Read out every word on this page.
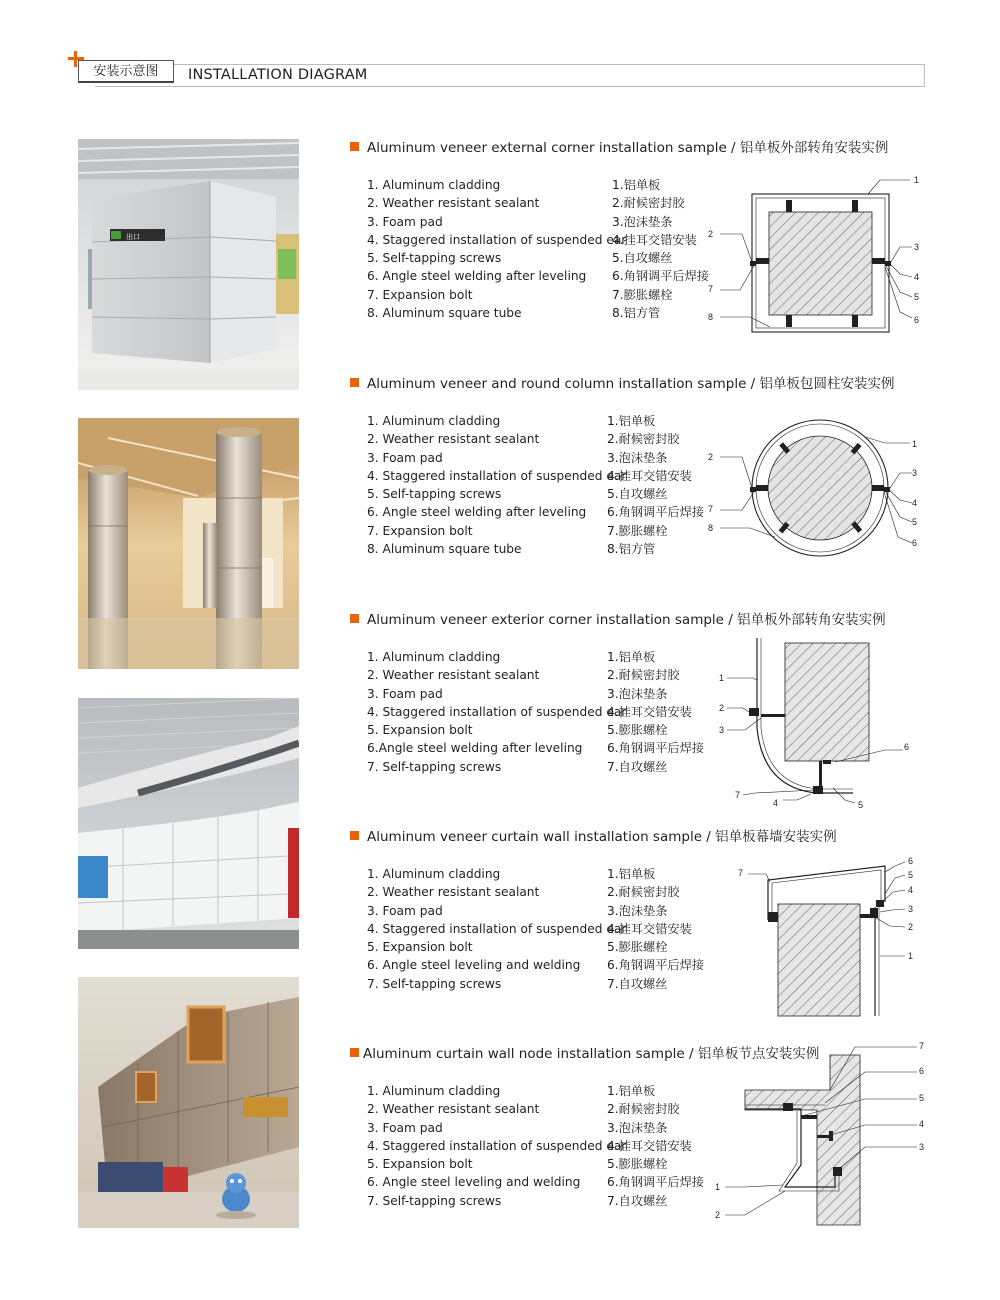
安装示意图	INSTALLATION DIAGRAM
出口
Aluminum veneer external corner installation sample / 铝单板外部转角安装实例
1. Aluminum cladding
2. Weather resistant sealant
3. Foam pad
4. Staggered installation of suspended ear
5. Self-tapping screws
6. Angle steel welding after leveling
7. Expansion bolt
8. Aluminum square tube
1.铝单板
2.耐候密封胶
3.泡沫垫条
4.挂耳交错安装
5.自攻螺丝
6.角钢调平后焊接
7.膨胀螺栓
8.铝方管
1
2
3
4
5
6
7
8
Aluminum veneer and round column installation sample / 铝单板包圆柱安装实例
1. Aluminum cladding
2. Weather resistant sealant
3. Foam pad
4. Staggered installation of suspended ear
5. Self-tapping screws
6. Angle steel welding after leveling
7. Expansion bolt
8. Aluminum square tube
1.铝单板
2.耐候密封胶
3.泡沫垫条
4.挂耳交错安装
5.自攻螺丝
6.角钢调平后焊接
7.膨胀螺栓
8.铝方管
1
2
3
4
5
6
7
8
Aluminum veneer exterior corner installation sample / 铝单板外部转角安装实例
1. Aluminum cladding
2. Weather resistant sealant
3. Foam pad
4. Staggered installation of suspended ear
5. Expansion bolt
6.Angle steel welding after leveling
7. Self-tapping screws
1.铝单板
2.耐候密封胶
3.泡沫垫条
4.挂耳交错安装
5.膨胀螺栓
6.角钢调平后焊接
7.自攻螺丝
1
2
3
4	5
6
7
Aluminum veneer curtain wall installation sample / 铝单板幕墙安装实例
1. Aluminum cladding
2. Weather resistant sealant
3. Foam pad
4. Staggered installation of suspended ear
5. Expansion bolt
6. Angle steel leveling and welding
7. Self-tapping screws
1.铝单板
2.耐候密封胶
3.泡沫垫条
4.挂耳交错安装
5.膨胀螺栓
6.角钢调平后焊接
7.自攻螺丝
7
6
5
4
3
2
1
Aluminum curtain wall node installation sample / 铝单板节点安装实例
1. Aluminum cladding
2. Weather resistant sealant
3. Foam pad
4. Staggered installation of suspended ear
5. Expansion bolt
6. Angle steel leveling and welding
7. Self-tapping screws
1.铝单板
2.耐候密封胶
3.泡沫垫条
4.挂耳交错安装
5.膨胀螺栓
6.角钢调平后焊接
7.自攻螺丝
7
6
5
4
3
1
2
